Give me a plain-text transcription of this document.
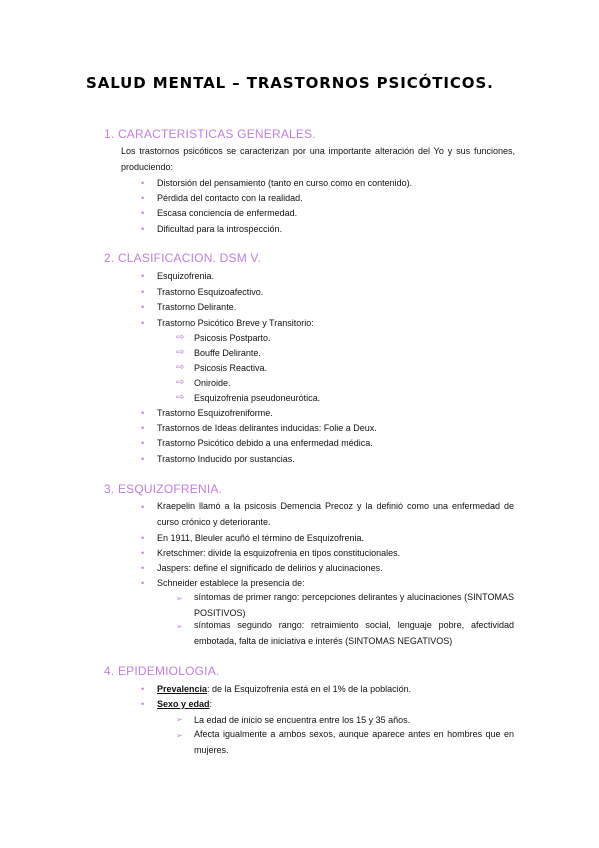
SALUD MENTAL – TRASTORNOS PSICÓTICOS.
1. CARACTERISTICAS GENERALES.
Los trastornos psicóticos se caracterizan por una importante alteración del Yo y sus funciones, produciendo:
• Distorsión del pensamiento (tanto en curso como en contenido).
• Pérdida del contacto con la realidad.
• Escasa conciencia de enfermedad.
• Dificultad para la introspección.
2. CLASIFICACION. DSM V.
• Esquizofrenia.
• Trastorno Esquizoafectivo.
• Trastorno Delirante.
• Trastorno Psicótico Breve y Transitorio:
⇨ Psicosis Postparto.
⇨ Bouffe Delirante.
⇨ Psicosis Reactiva.
⇨ Oniroide.
⇨ Esquizofrenia pseudoneurótica.
• Trastorno Esquizofreniforme.
• Trastornos de Ideas delirantes inducidas: Folie a Deux.
• Trastorno Psicótico debido a una enfermedad médica.
• Trastorno Inducido por sustancias.
3. ESQUIZOFRENIA.
• Kraepelin llamó a la psicosis Demencia Precoz y la definió como una enfermedad de curso crónico y deteriorante.
• En 1911, Bleuler acuñó el término de Esquizofrenia.
• Kretschmer: divide la esquizofrenia en tipos constitucionales.
• Jaspers: define el significado de delirios y alucinaciones.
• Schneider establece la presencia de:
➢ síntomas de primer rango: percepciones delirantes y alucinaciones (SINTOMAS POSITIVOS)
➢ síntomas segundo rango: retraimiento social, lenguaje pobre, afectividad embotada, falta de iniciativa e interés (SINTOMAS NEGATIVOS)
4. EPIDEMIOLOGIA.
• Prevalencia: de la Esquizofrenia está en el 1% de la población.
• Sexo y edad:
➢ La edad de inicio se encuentra entre los 15 y 35 años.
➢ Afecta igualmente a ambos sexos, aunque aparece antes en hombres que en mujeres.
